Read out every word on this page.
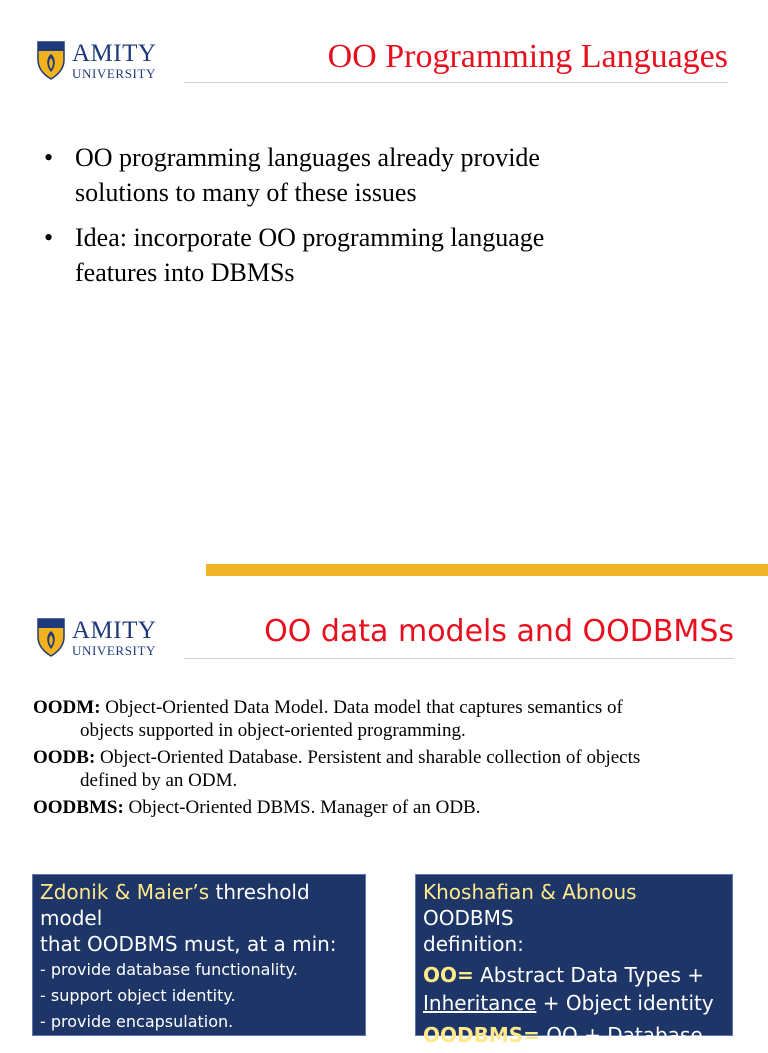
AMITY
UNIVERSITY	OO Programming Languages
• OO programming languages already provide
solutions to many of these issues
• Idea: incorporate OO programming language
features into DBMSs
AMITY
UNIVERSITY
OO data models and OODBMSs
OODM: Object-Oriented Data Model. Data model that captures semantics of
objects supported in object-oriented programming.
OODB: Object-Oriented Database. Persistent and sharable collection of objects
defined by an ODM.
OODBMS: Object-Oriented DBMS. Manager of an ODB.
Zdonik & Maier’s threshold model
that OODBMS must, at a min:
- provide database functionality.
- support object identity.
- provide encapsulation.
Khoshafian & Abnous OODBMS
definition:
OO= Abstract Data Types +
Inheritance + Object identity
OODBMS= OO + Database
